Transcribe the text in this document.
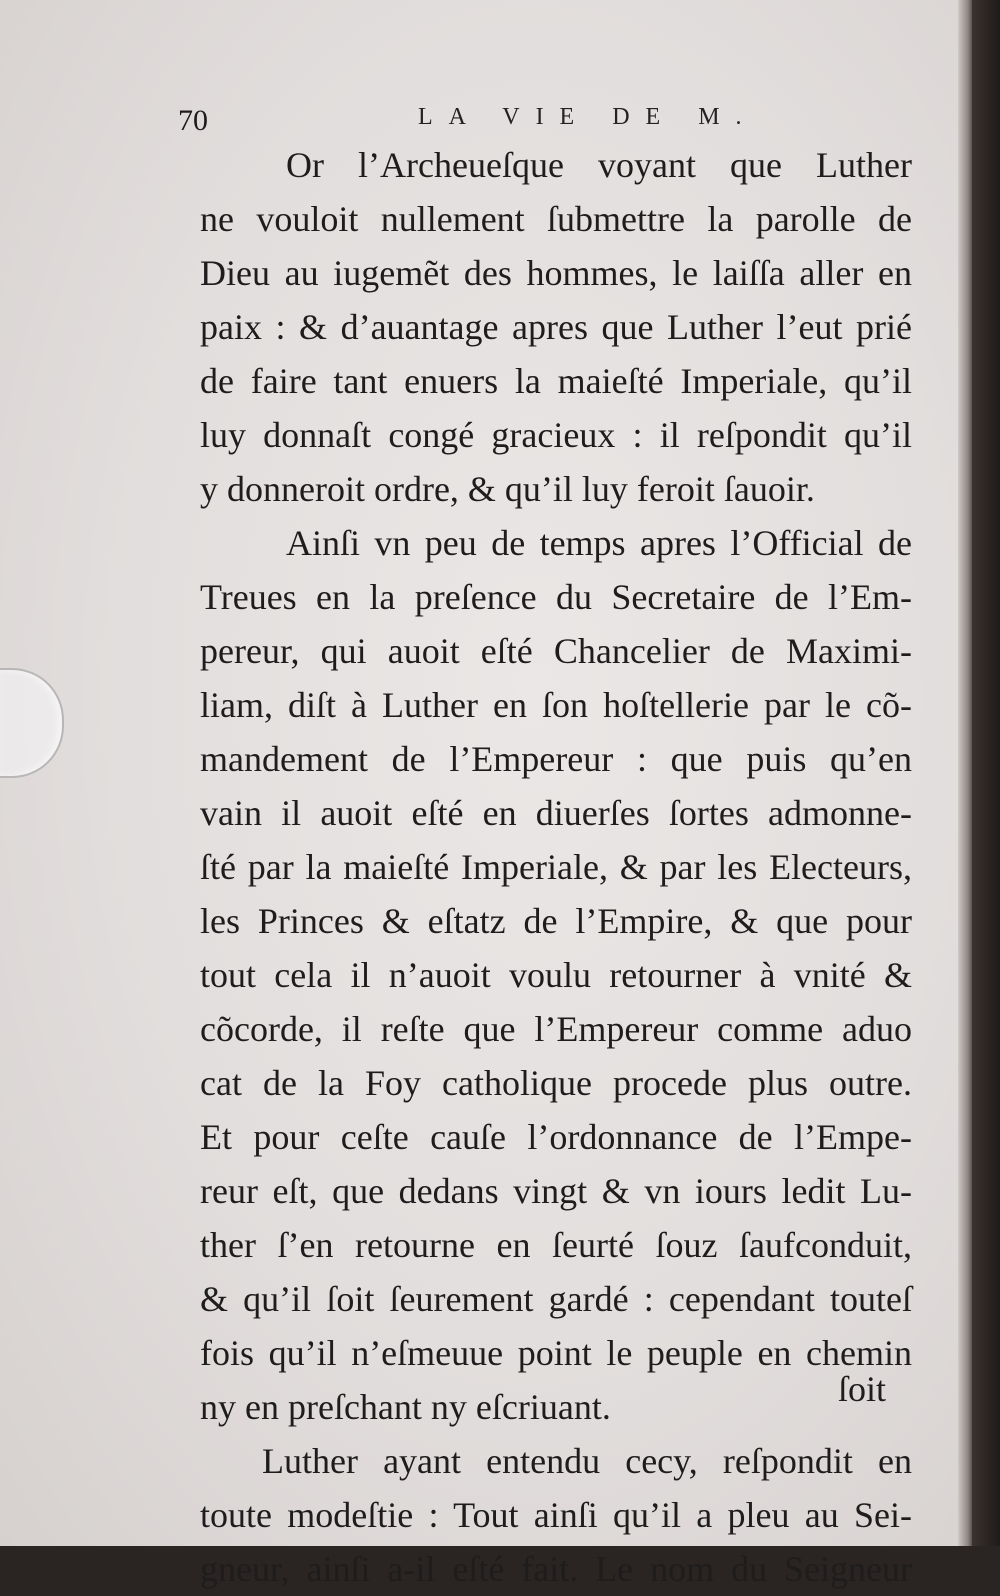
70	LA VIE DE M.
Or l’Archeueſque voyant que Luther
ne vouloit nullement ſubmettre la parolle de
Dieu au iugemẽt des hommes, le laiſſa aller en
paix : & d’auantage apres que Luther l’eut prié
de faire tant enuers la maieſté Imperiale, qu’il
luy donnaſt congé gracieux : il reſpondit qu’il
y donneroit ordre, & qu’il luy feroit ſauoir.
Ainſi vn peu de temps apres l’Official de
Treues en la preſence du Secretaire de l’Em-
pereur, qui auoit eſté Chancelier de Maximi-
liam, diſt à Luther en ſon hoſtellerie par le cõ-
mandement de l’Empereur : que puis qu’en
vain il auoit eſté en diuerſes ſortes admonne-
ſté par la maieſté Imperiale, & par les Electeurs,
les Princes & eſtatz de l’Empire, & que pour
tout cela il n’auoit voulu retourner à vnité &
cõcorde, il reſte que l’Empereur comme aduo
cat de la Foy catholique procede plus outre.
Et pour ceſte cauſe l’ordonnance de l’Empe-
reur eſt, que dedans vingt & vn iours ledit Lu-
ther ſ’en retourne en ſeurté ſouz ſaufconduit,
& qu’il ſoit ſeurement gardé : cependant touteſ
fois qu’il n’eſmeuue point le peuple en chemin
ny en preſchant ny eſcriuant.
Luther ayant entendu cecy, reſpondit en
toute modeſtie : Tout ainſi qu’il a pleu au Sei-
gneur, ainſi a-il eſté fait. Le nom du Seigneur
ſoit
